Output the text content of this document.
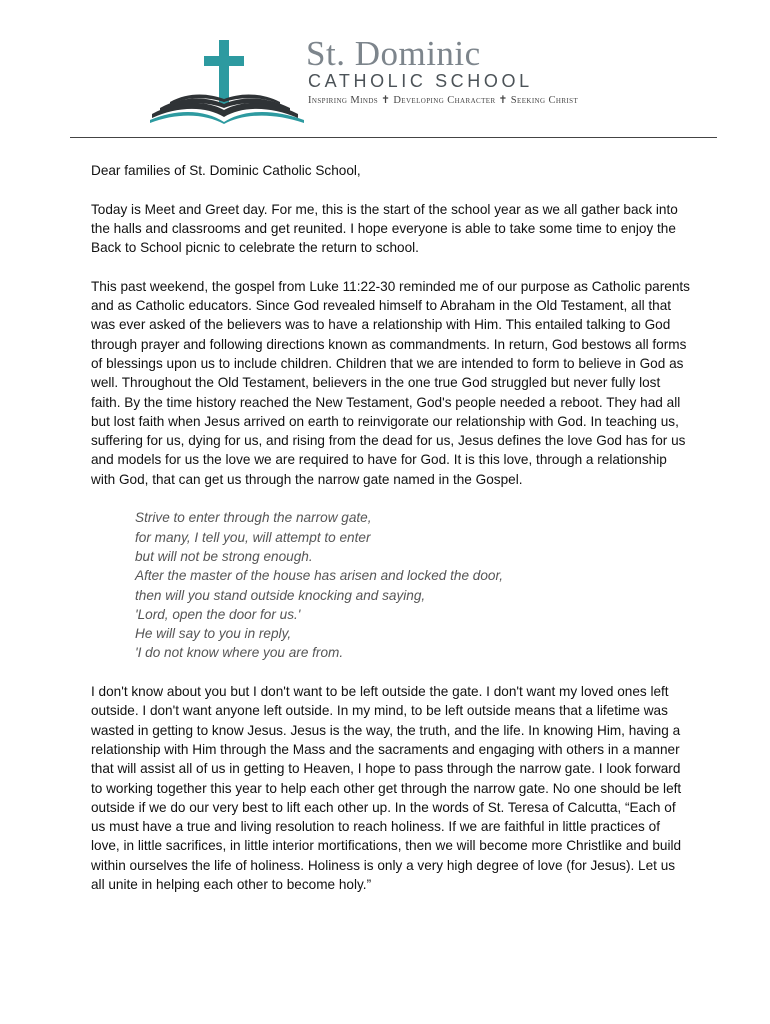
St. Dominic
CATHOLIC SCHOOL
Inspiring Minds ✝ Developing Character ✝ Seeking Christ

Dear families of St. Dominic Catholic School,

Today is Meet and Greet day. For me, this is the start of the school year as we all gather back into the halls and classrooms and get reunited. I hope everyone is able to take some time to enjoy the Back to School picnic to celebrate the return to school.

This past weekend, the gospel from Luke 11:22-30 reminded me of our purpose as Catholic parents and as Catholic educators. Since God revealed himself to Abraham in the Old Testament, all that was ever asked of the believers was to have a relationship with Him. This entailed talking to God through prayer and following directions known as commandments. In return, God bestows all forms of blessings upon us to include children. Children that we are intended to form to believe in God as well. Throughout the Old Testament, believers in the one true God struggled but never fully lost faith. By the time history reached the New Testament, God's people needed a reboot. They had all but lost faith when Jesus arrived on earth to reinvigorate our relationship with God. In teaching us, suffering for us, dying for us, and rising from the dead for us, Jesus defines the love God has for us and models for us the love we are required to have for God. It is this love, through a relationship with God, that can get us through the narrow gate named in the Gospel.

Strive to enter through the narrow gate,
for many, I tell you, will attempt to enter
but will not be strong enough.
After the master of the house has arisen and locked the door,
then will you stand outside knocking and saying,
'Lord, open the door for us.'
He will say to you in reply,
'I do not know where you are from.

I don't know about you but I don't want to be left outside the gate. I don't want my loved ones left outside. I don't want anyone left outside. In my mind, to be left outside means that a lifetime was wasted in getting to know Jesus. Jesus is the way, the truth, and the life. In knowing Him, having a relationship with Him through the Mass and the sacraments and engaging with others in a manner that will assist all of us in getting to Heaven, I hope to pass through the narrow gate. I look forward to working together this year to help each other get through the narrow gate. No one should be left outside if we do our very best to lift each other up. In the words of St. Teresa of Calcutta, “Each of us must have a true and living resolution to reach holiness. If we are faithful in little practices of love, in little sacrifices, in little interior mortifications, then we will become more Christlike and build within ourselves the life of holiness. Holiness is only a very high degree of love (for Jesus). Let us all unite in helping each other to become holy.”
